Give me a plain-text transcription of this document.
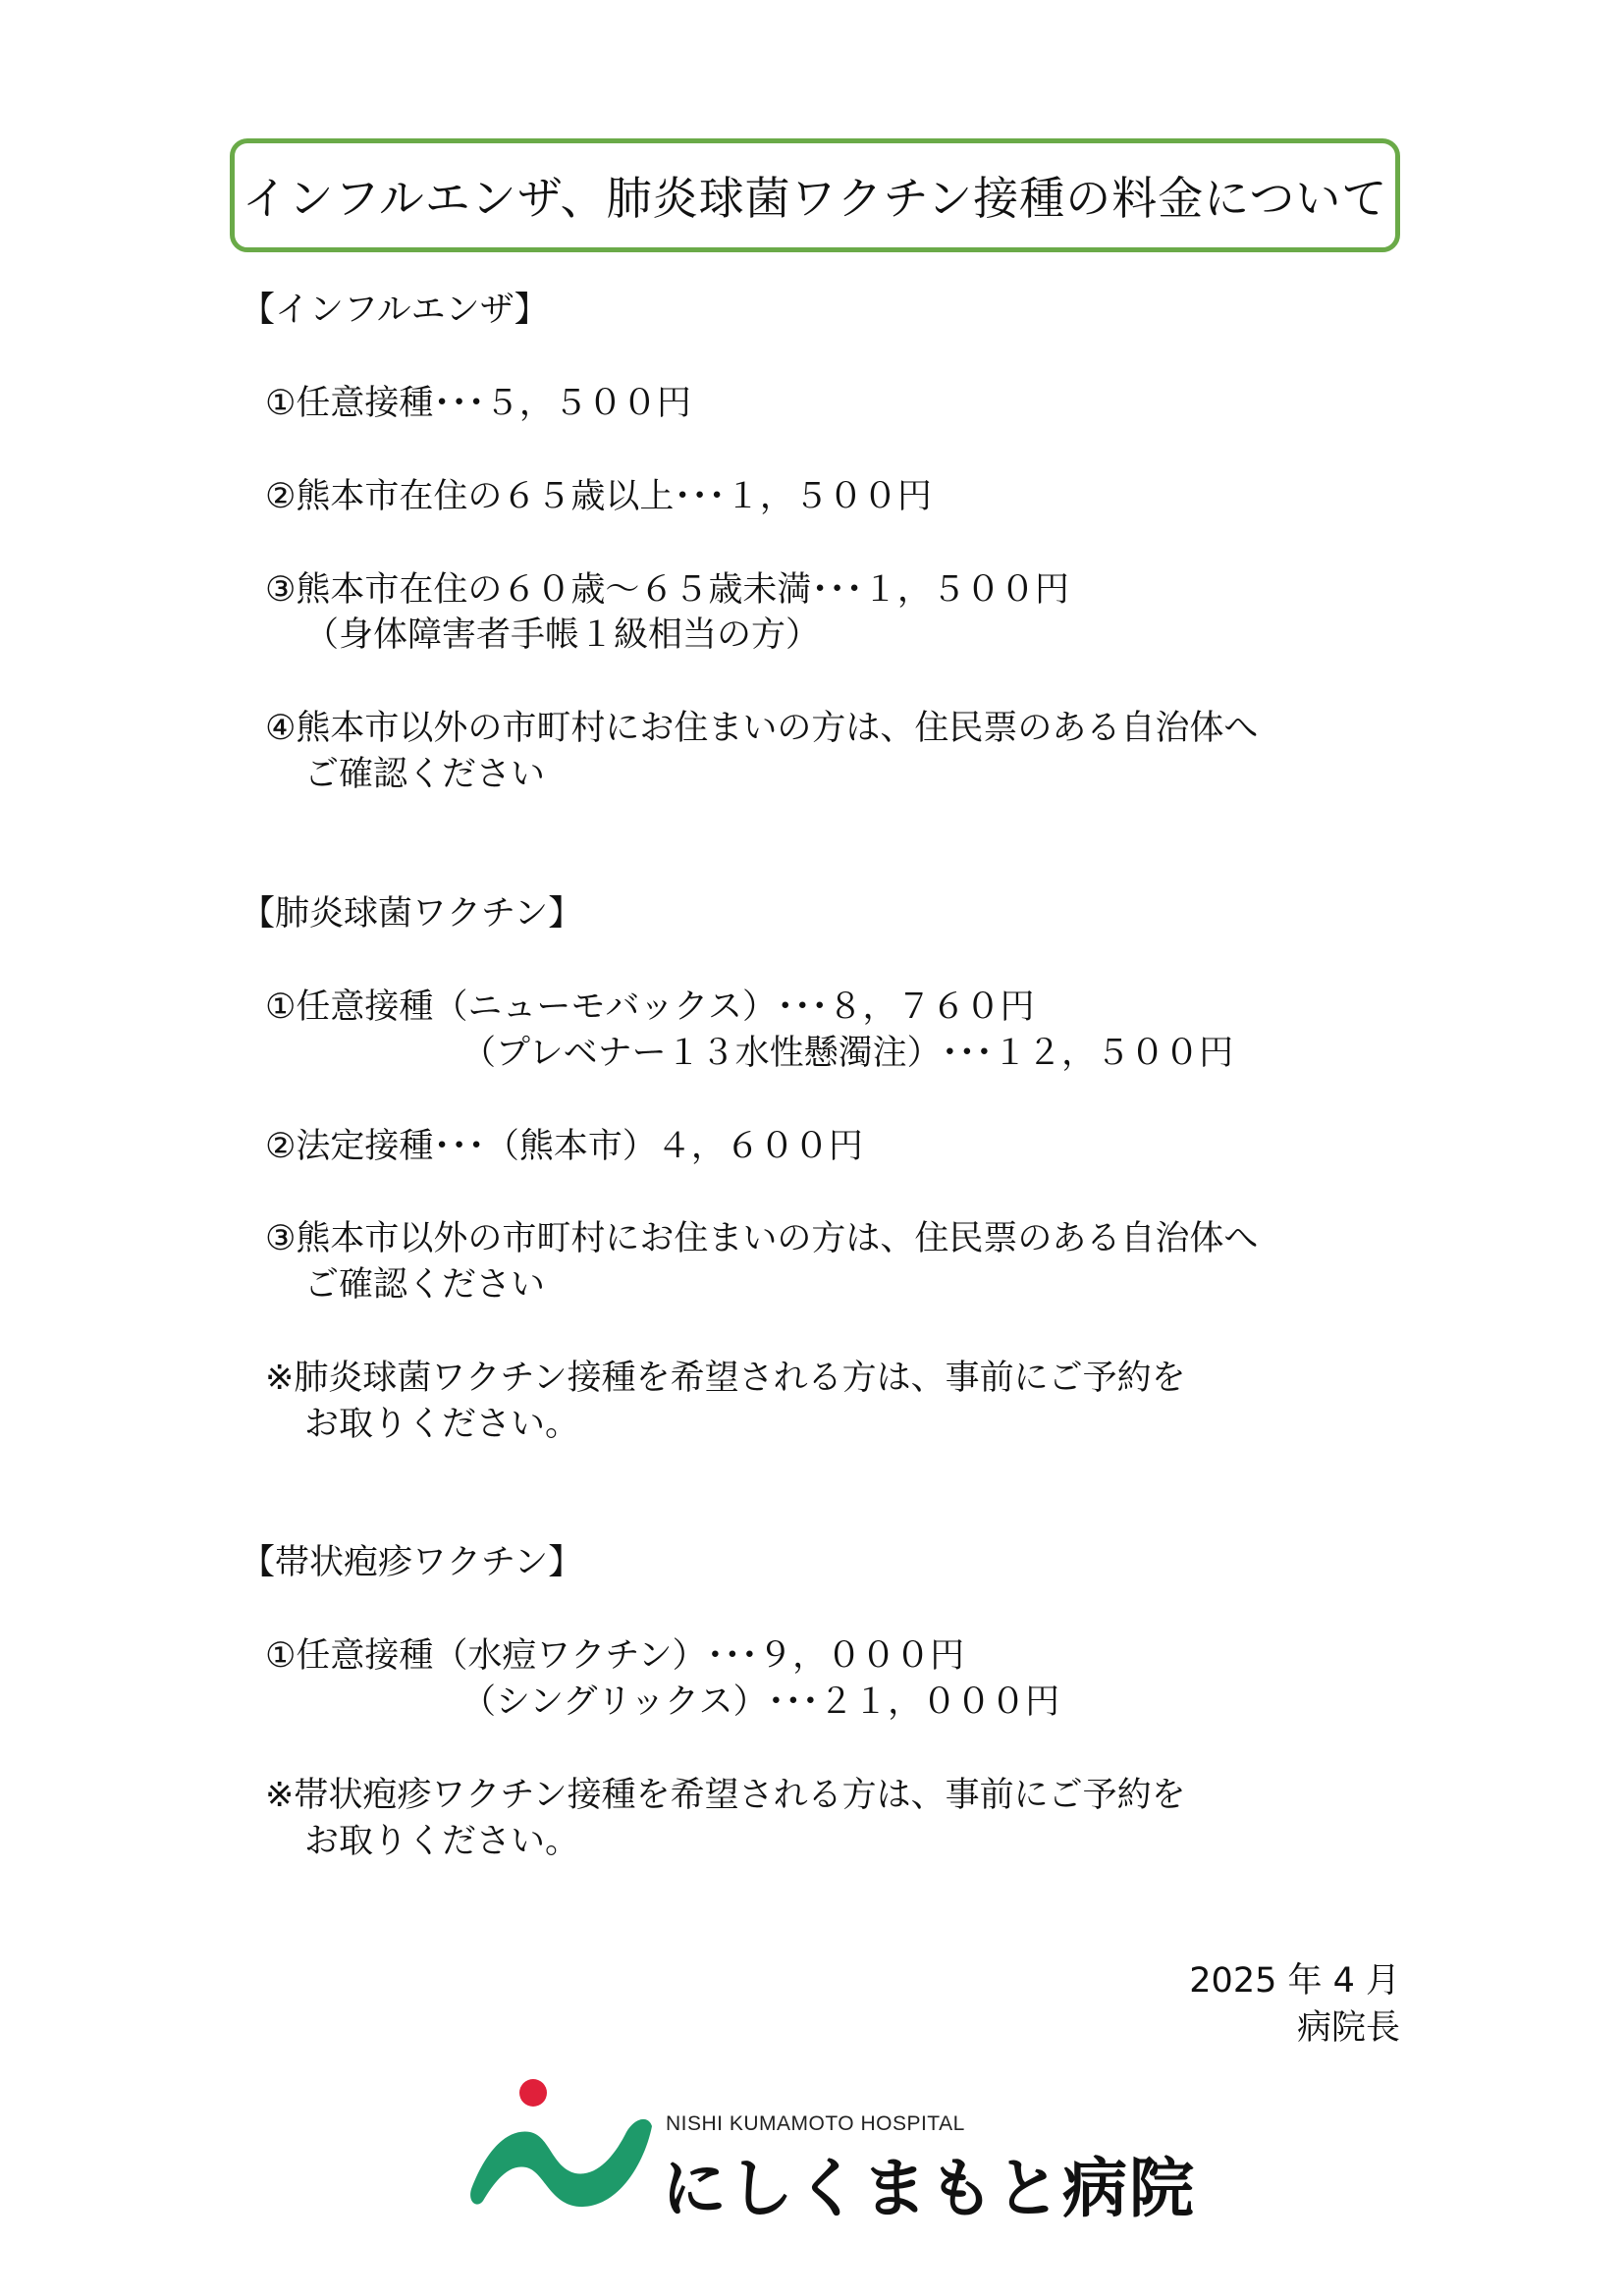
インフルエンザ、肺炎球菌ワクチン接種の料金について

【インフルエンザ】

①任意接種･･･５，５００円

②熊本市在住の６５歳以上･･･１，５００円

③熊本市在住の６０歳～６５歳未満･･･１，５００円

（身体障害者手帳１級相当の方）

④熊本市以外の市町村にお住まいの方は、住民票のある自治体へ

ご確認ください

【肺炎球菌ワクチン】

①任意接種（ニューモバックス）･･･８，７６０円

（プレベナー１３水性懸濁注）･･･１２，５００円

②法定接種･･･（熊本市）４，６００円

③熊本市以外の市町村にお住まいの方は、住民票のある自治体へ

ご確認ください

※肺炎球菌ワクチン接種を希望される方は、事前にご予約を

お取りください。

【帯状疱疹ワクチン】

①任意接種（水痘ワクチン）･･･９，０００円

（シングリックス）･･･２１，０００円

※帯状疱疹ワクチン接種を希望される方は、事前にご予約を

お取りください。

2025 年 4 月
病院長
NISHI KUMAMOTO HOSPITAL
にしくまもと病院
